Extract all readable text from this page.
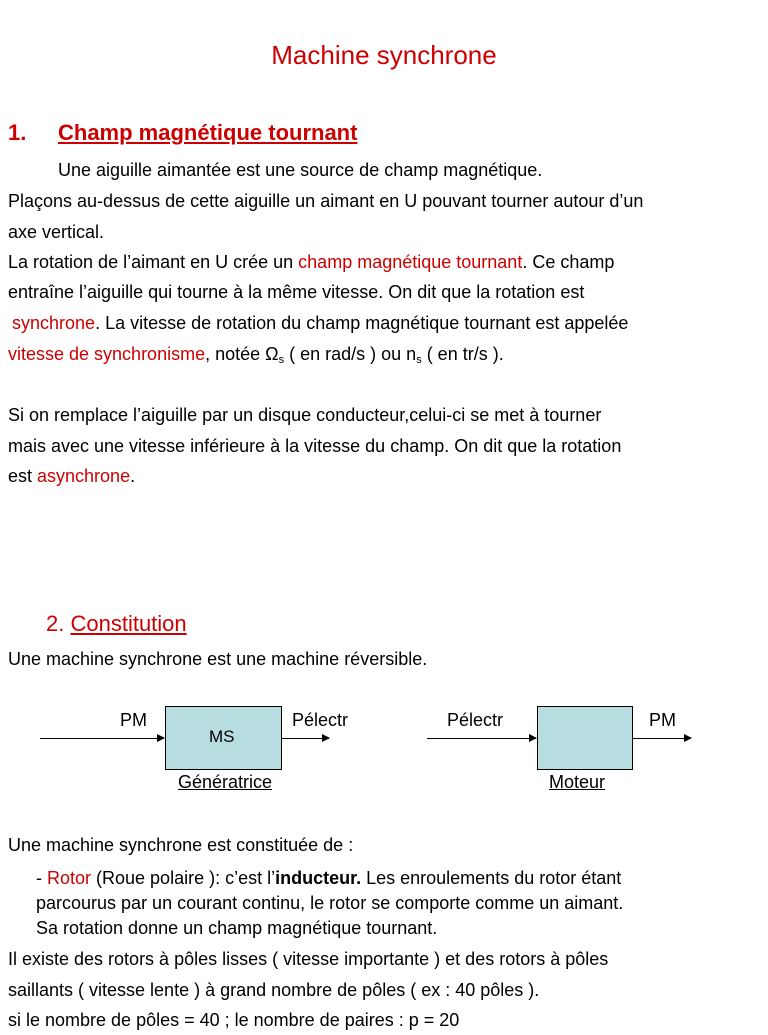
Machine synchrone
1. Champ magnétique tournant
Une aiguille aimantée est une source de champ magnétique.
Plaçons au-dessus de cette aiguille un aimant en U pouvant tourner autour d’un
axe vertical.
La rotation de l’aimant en U crée un champ magnétique tournant. Ce champ
entraîne l’aiguille qui tourne à la même vitesse. On dit que la rotation est
synchrone. La vitesse de rotation du champ magnétique tournant est appelée
vitesse de synchronisme, notée $\Omega_s$ ( en rad/s ) ou $n_s$ ( en tr/s ).
Si on remplace l’aiguille par un disque conducteur,celui-ci se met à tourner
mais avec une vitesse inférieure à la vitesse du champ. On dit que la rotation
est asynchrone.
2. Constitution
Une machine synchrone est une machine réversible.
PM
MS
Pélectr
Génératrice
Pélectr	PM
Moteur
Une machine synchrone est constituée de :
- Rotor (Roue polaire ): c’est l’inducteur. Les enroulements du rotor étant
parcourus par un courant continu, le rotor se comporte comme un aimant.
Sa rotation donne un champ magnétique tournant.
Il existe des rotors à pôles lisses ( vitesse importante ) et des rotors à pôles
saillants ( vitesse lente ) à grand nombre de pôles ( ex : 40 pôles ).
si le nombre de pôles = 40 ; le nombre de paires : p = 20
